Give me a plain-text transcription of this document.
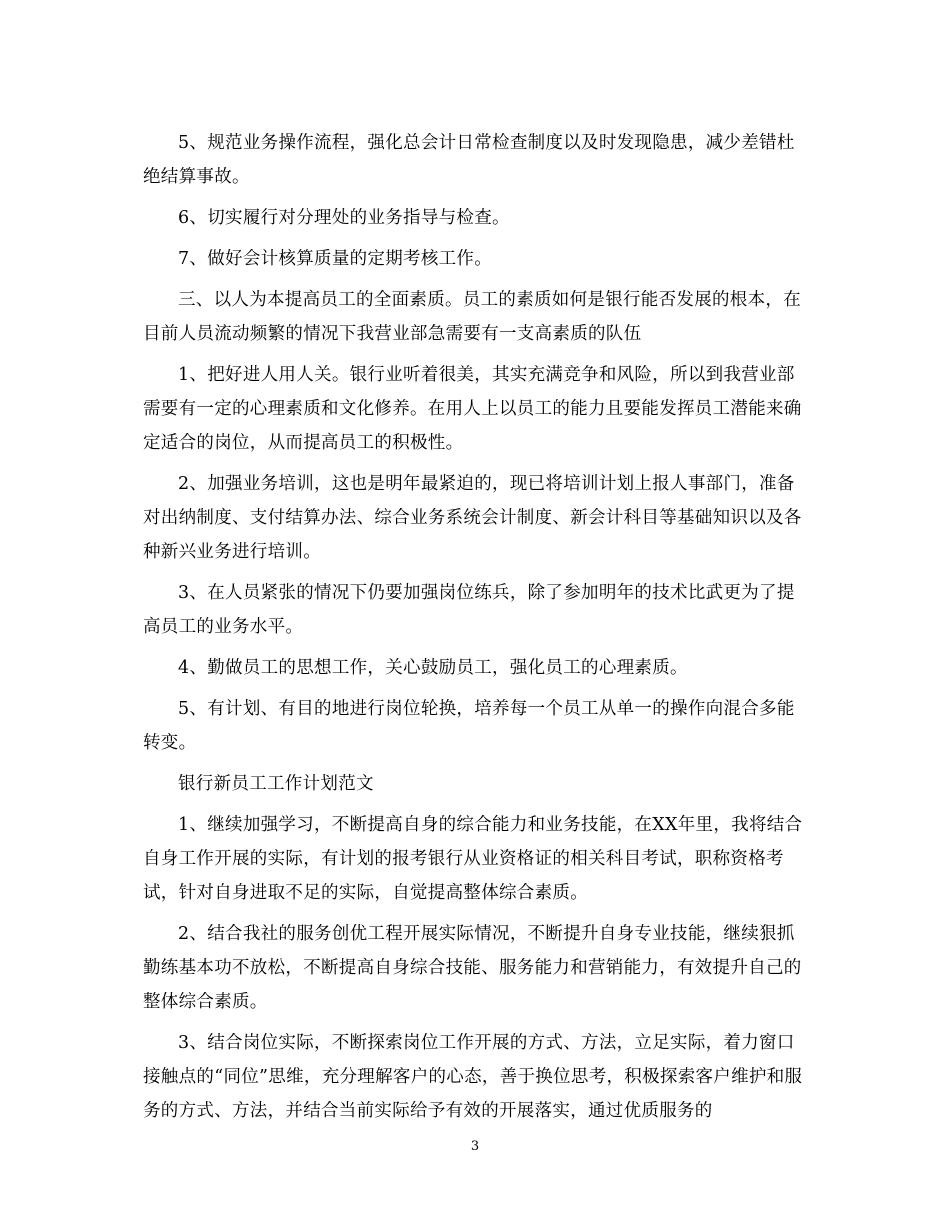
5、规范业务操作流程，强化总会计日常检查制度以及时发现隐患，减少差错杜绝结算事故。

6、切实履行对分理处的业务指导与检查。

7、做好会计核算质量的定期考核工作。

三、以人为本提高员工的全面素质。员工的素质如何是银行能否发展的根本，在目前人员流动频繁的情况下我营业部急需要有一支高素质的队伍

1、把好进人用人关。银行业听着很美，其实充满竞争和风险，所以到我营业部需要有一定的心理素质和文化修养。在用人上以员工的能力且要能发挥员工潜能来确定适合的岗位，从而提高员工的积极性。

2、加强业务培训，这也是明年最紧迫的，现已将培训计划上报人事部门，准备对出纳制度、支付结算办法、综合业务系统会计制度、新会计科目等基础知识以及各种新兴业务进行培训。

3、在人员紧张的情况下仍要加强岗位练兵，除了参加明年的技术比武更为了提高员工的业务水平。

4、勤做员工的思想工作，关心鼓励员工，强化员工的心理素质。

5、有计划、有目的地进行岗位轮换，培养每一个员工从单一的操作向混合多能转变。

银行新员工工作计划范文

1、继续加强学习，不断提高自身的综合能力和业务技能，在XX年里，我将结合自身工作开展的实际，有计划的报考银行从业资格证的相关科目考试，职称资格考试，针对自身进取不足的实际，自觉提高整体综合素质。

2、结合我社的服务创优工程开展实际情况，不断提升自身专业技能，继续狠抓勤练基本功不放松，不断提高自身综合技能、服务能力和营销能力，有效提升自己的整体综合素质。

3、结合岗位实际，不断探索岗位工作开展的方式、方法，立足实际，着力窗口接触点的“同位”思维，充分理解客户的心态，善于换位思考，积极探索客户维护和服务的方式、方法，并结合当前实际给予有效的开展落实，通过优质服务的

3
